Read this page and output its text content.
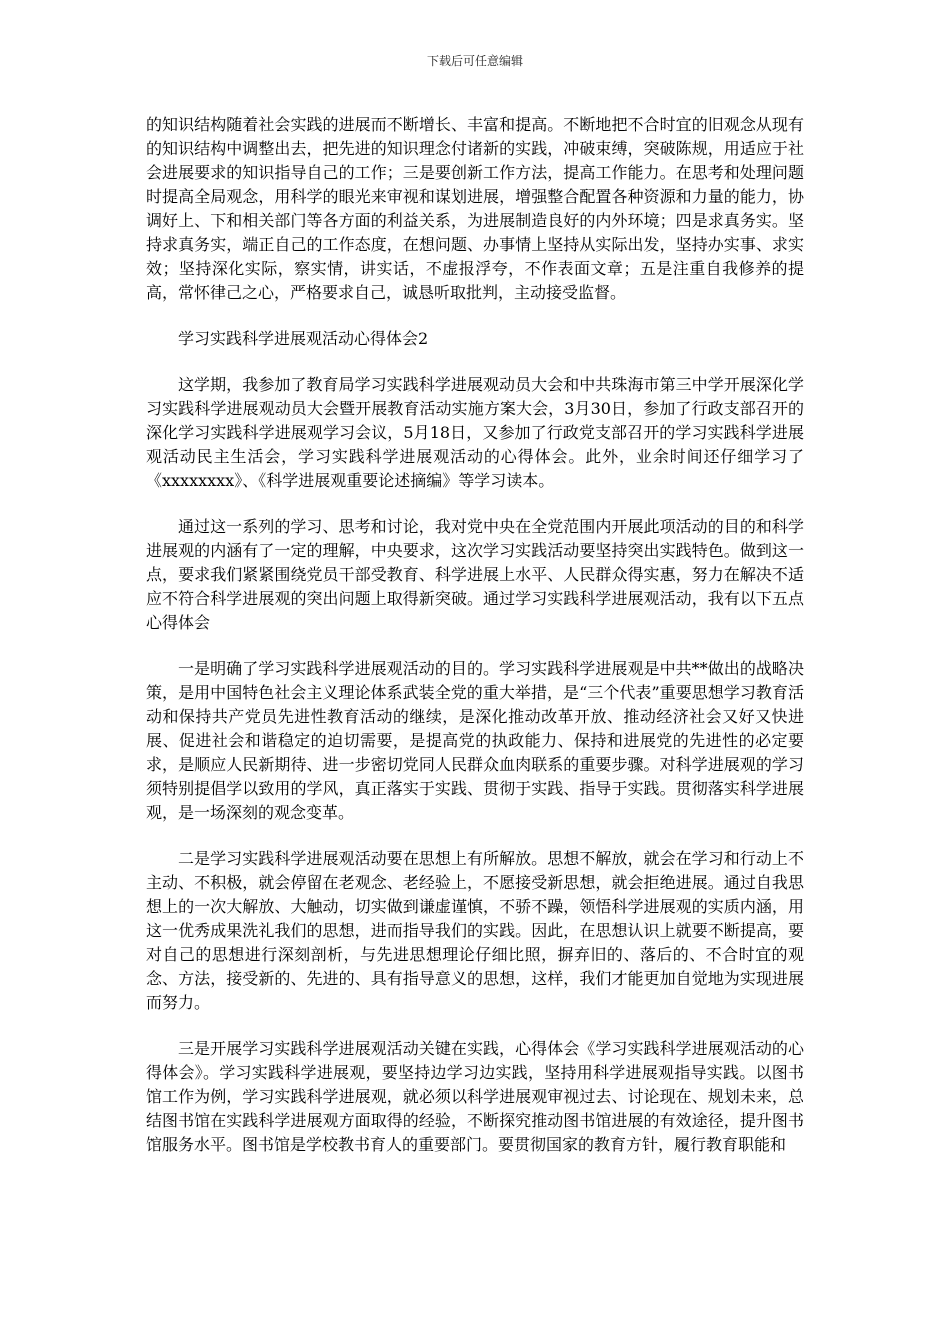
下载后可任意编辑

的知识结构随着社会实践的进展而不断增长、丰富和提高。不断地把不合时宜的旧观念从现有的知识结构中调整出去，把先进的知识理念付诸新的实践，冲破束缚，突破陈规，用适应于社会进展要求的知识指导自己的工作；三是要创新工作方法，提高工作能力。在思考和处理问题时提高全局观念，用科学的眼光来审视和谋划进展，增强整合配置各种资源和力量的能力，协调好上、下和相关部门等各方面的利益关系，为进展制造良好的内外环境；四是求真务实。坚持求真务实，端正自己的工作态度，在想问题、办事情上坚持从实际出发，坚持办实事、求实效；坚持深化实际，察实情，讲实话，不虚报浮夸，不作表面文章；五是注重自我修养的提高，常怀律己之心，严格要求自己，诚恳听取批判，主动接受监督。

学习实践科学进展观活动心得体会2

这学期，我参加了教育局学习实践科学进展观动员大会和中共珠海市第三中学开展深化学习实践科学进展观动员大会暨开展教育活动实施方案大会，3月30日，参加了行政支部召开的深化学习实践科学进展观学习会议，5月18日，又参加了行政党支部召开的学习实践科学进展观活动民主生活会，学习实践科学进展观活动的心得体会。此外，业余时间还仔细学习了《xxxxxxxx》、《科学进展观重要论述摘编》等学习读本。

通过这一系列的学习、思考和讨论，我对党中央在全党范围内开展此项活动的目的和科学进展观的内涵有了一定的理解，中央要求，这次学习实践活动要坚持突出实践特色。做到这一点，要求我们紧紧围绕党员干部受教育、科学进展上水平、人民群众得实惠，努力在解决不适应不符合科学进展观的突出问题上取得新突破。通过学习实践科学进展观活动，我有以下五点心得体会

一是明确了学习实践科学进展观活动的目的。学习实践科学进展观是中共**做出的战略决策，是用中国特色社会主义理论体系武装全党的重大举措，是“三个代表”重要思想学习教育活动和保持共产党员先进性教育活动的继续，是深化推动改革开放、推动经济社会又好又快进展、促进社会和谐稳定的迫切需要，是提高党的执政能力、保持和进展党的先进性的必定要求，是顺应人民新期待、进一步密切党同人民群众血肉联系的重要步骤。对科学进展观的学习须特别提倡学以致用的学风，真正落实于实践、贯彻于实践、指导于实践。贯彻落实科学进展观，是一场深刻的观念变革。

二是学习实践科学进展观活动要在思想上有所解放。思想不解放，就会在学习和行动上不主动、不积极，就会停留在老观念、老经验上，不愿接受新思想，就会拒绝进展。通过自我思想上的一次大解放、大触动，切实做到谦虚谨慎，不骄不躁，领悟科学进展观的实质内涵，用这一优秀成果洗礼我们的思想，进而指导我们的实践。因此，在思想认识上就要不断提高，要对自己的思想进行深刻剖析，与先进思想理论仔细比照，摒弃旧的、落后的、不合时宜的观念、方法，接受新的、先进的、具有指导意义的思想，这样，我们才能更加自觉地为实现进展而努力。

三是开展学习实践科学进展观活动关键在实践，心得体会《学习实践科学进展观活动的心得体会》。学习实践科学进展观，要坚持边学习边实践，坚持用科学进展观指导实践。以图书馆工作为例，学习实践科学进展观，就必须以科学进展观审视过去、讨论现在、规划未来，总结图书馆在实践科学进展观方面取得的经验，不断探究推动图书馆进展的有效途径，提升图书馆服务水平。图书馆是学校教书育人的重要部门。要贯彻国家的教育方针，履行教育职能和
